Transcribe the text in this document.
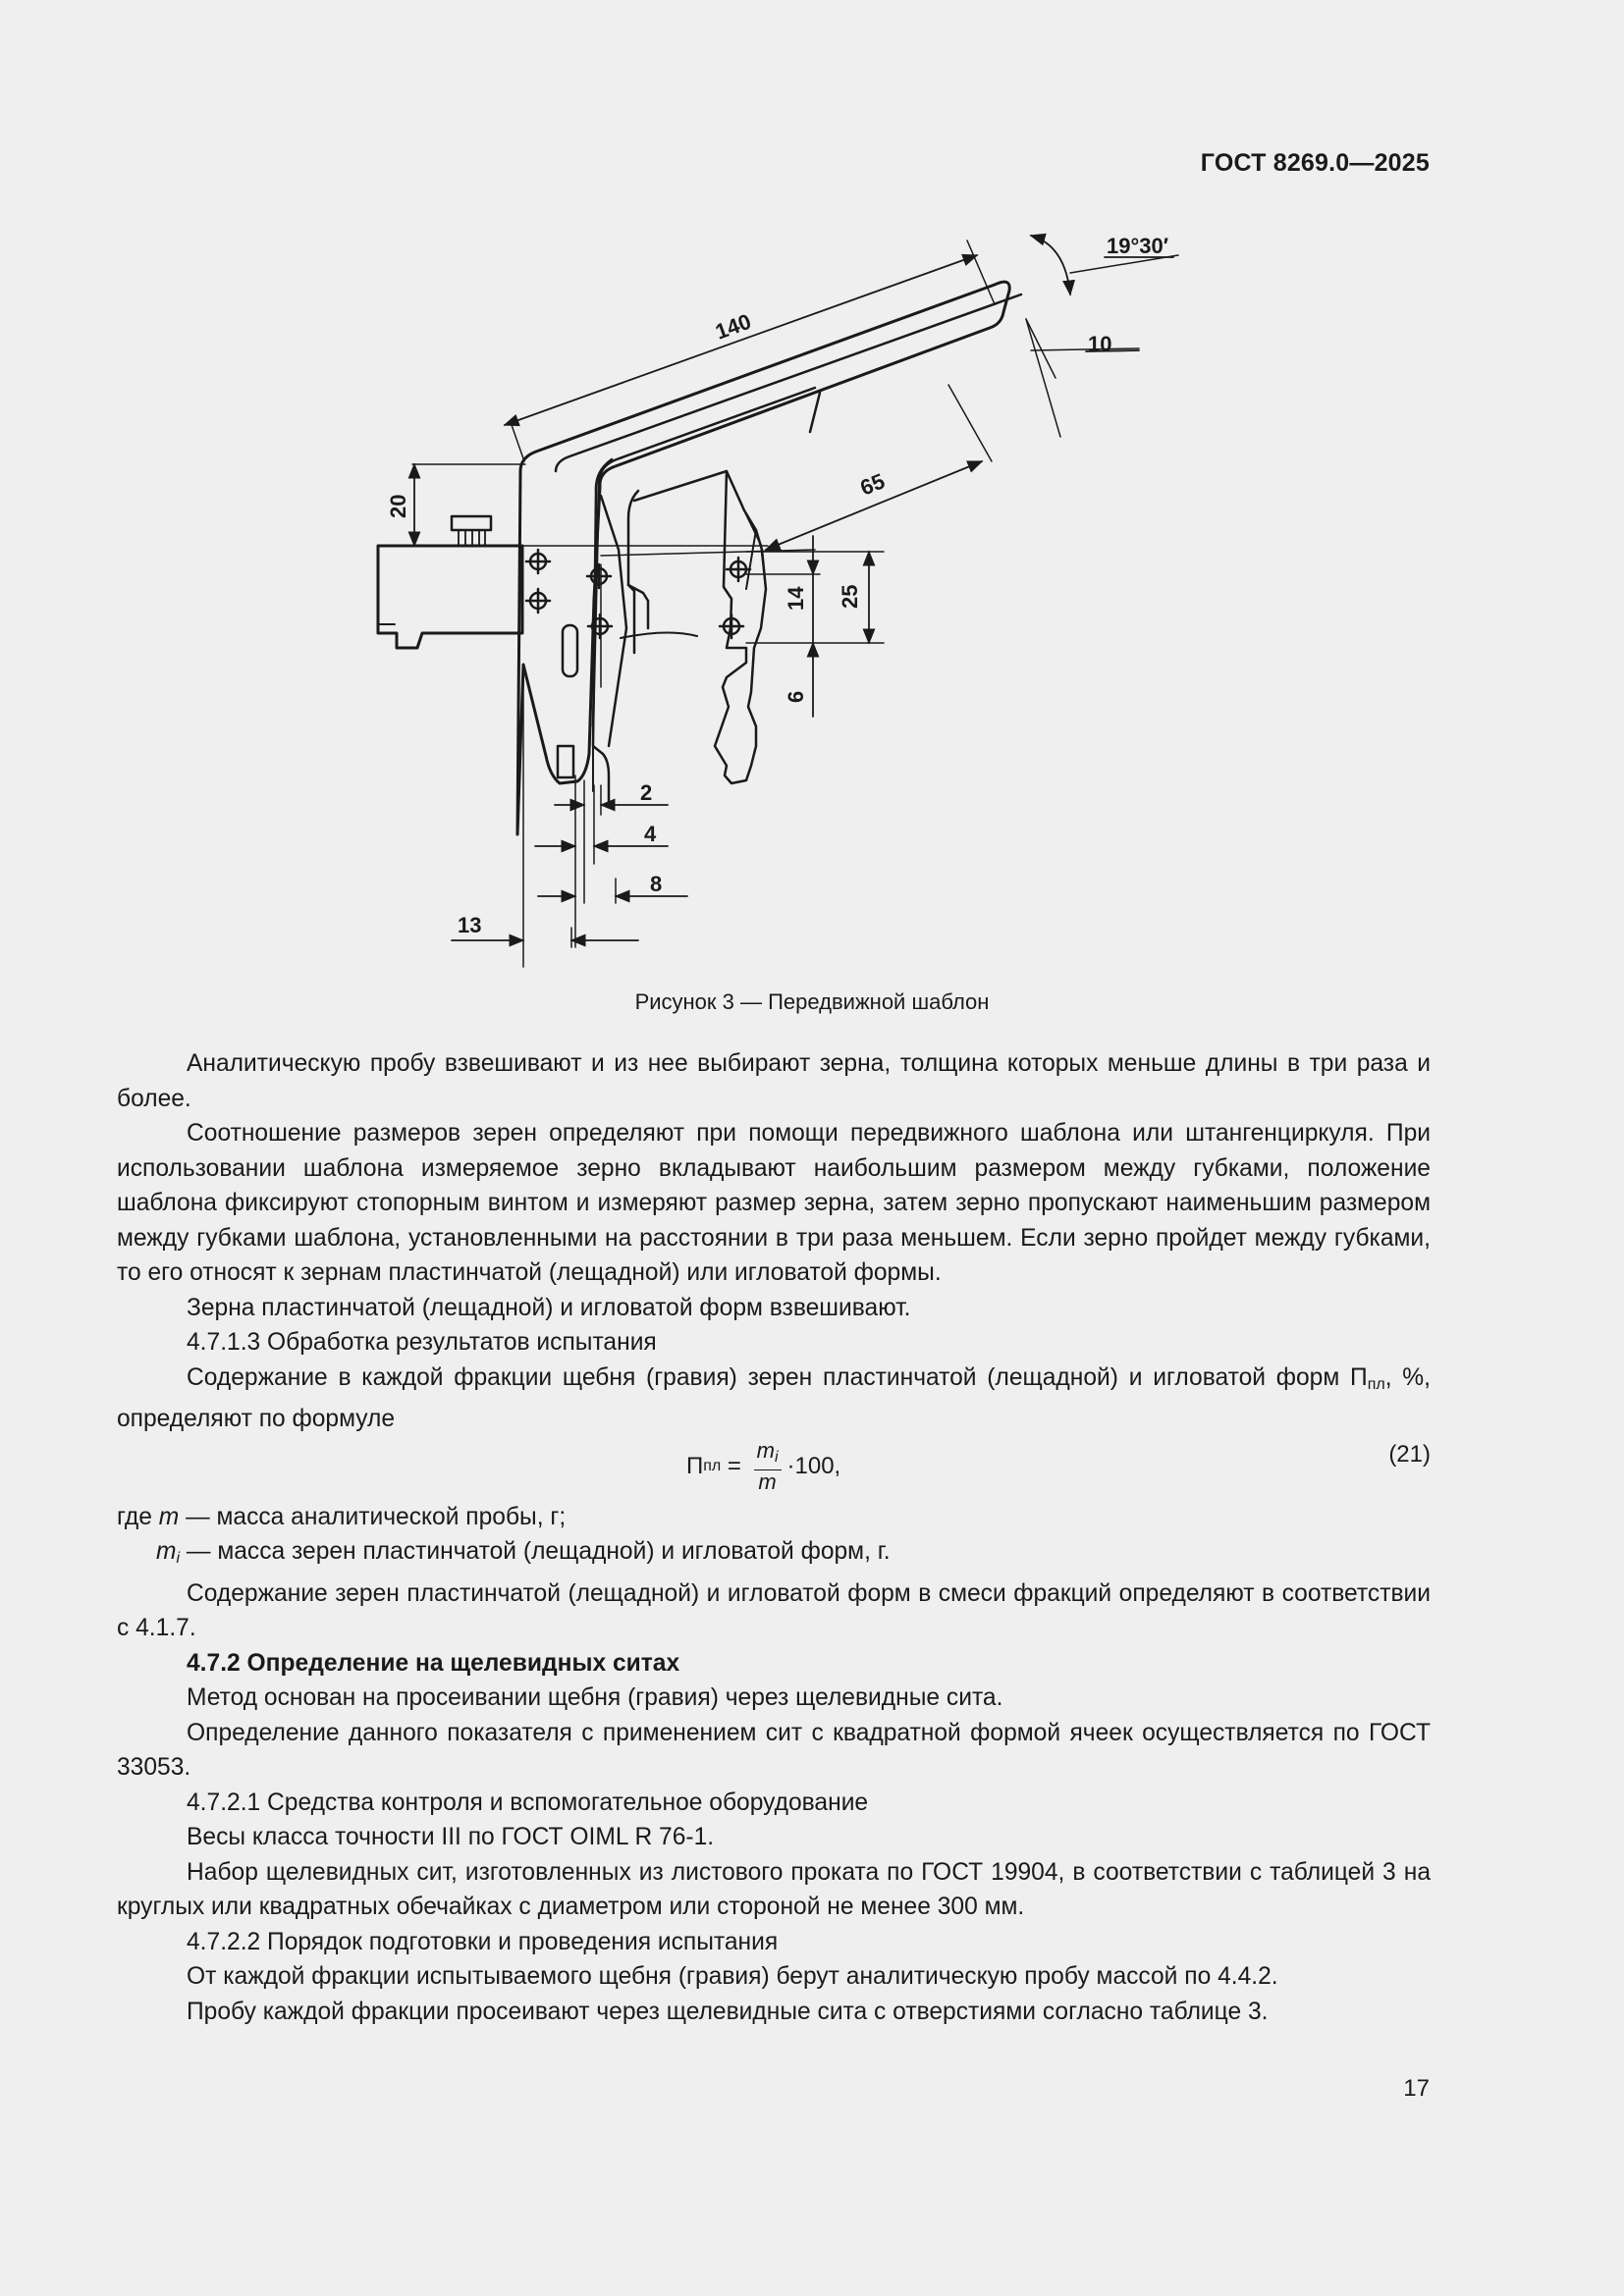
ГОСТ 8269.0—2025
140
65
10
19°30′
20
14 25
6
2
4
8
13
Рисунок 3 — Передвижной шаблон

Аналитическую пробу взвешивают и из нее выбирают зерна, толщина которых меньше длины в три раза и более.

Соотношение размеров зерен определяют при помощи передвижного шаблона или штангенциркуля. При использовании шаблона измеряемое зерно вкладывают наибольшим размером между губками, положение шаблона фиксируют стопорным винтом и измеряют размер зерна, затем зерно пропускают наименьшим размером между губками шаблона, установленными на расстоянии в три раза меньшем. Если зерно пройдет между губками, то его относят к зернам пластинчатой (лещадной) или игловатой формы.

Зерна пластинчатой (лещадной) и игловатой форм взвешивают.

4.7.1.3 Обработка результатов испытания

Содержание в каждой фракции щебня (гравия) зерен пластинчатой (лещадной) и игловатой форм $П_{пл}$, %, определяют по формуле

П пл = $\frac{m_i}{m} \cdot 100$,	(21)

где m — масса аналитической пробы, г;

$m_i$ — масса зерен пластинчатой (лещадной) и игловатой форм, г.

Содержание зерен пластинчатой (лещадной) и игловатой форм в смеси фракций определяют в соответствии с 4.1.7.

4.7.2 Определение на щелевидных ситах

Метод основан на просеивании щебня (гравия) через щелевидные сита.

Определение данного показателя с применением сит с квадратной формой ячеек осуществляется по ГОСТ 33053.

4.7.2.1 Средства контроля и вспомогательное оборудование

Весы класса точности III по ГОСТ OIML R 76-1.

Набор щелевидных сит, изготовленных из листового проката по ГОСТ 19904, в соответствии с таблицей 3 на круглых или квадратных обечайках с диаметром или стороной не менее 300 мм.

4.7.2.2 Порядок подготовки и проведения испытания

От каждой фракции испытываемого щебня (гравия) берут аналитическую пробу массой по 4.4.2.

Пробу каждой фракции просеивают через щелевидные сита с отверстиями согласно таблице 3.

17
